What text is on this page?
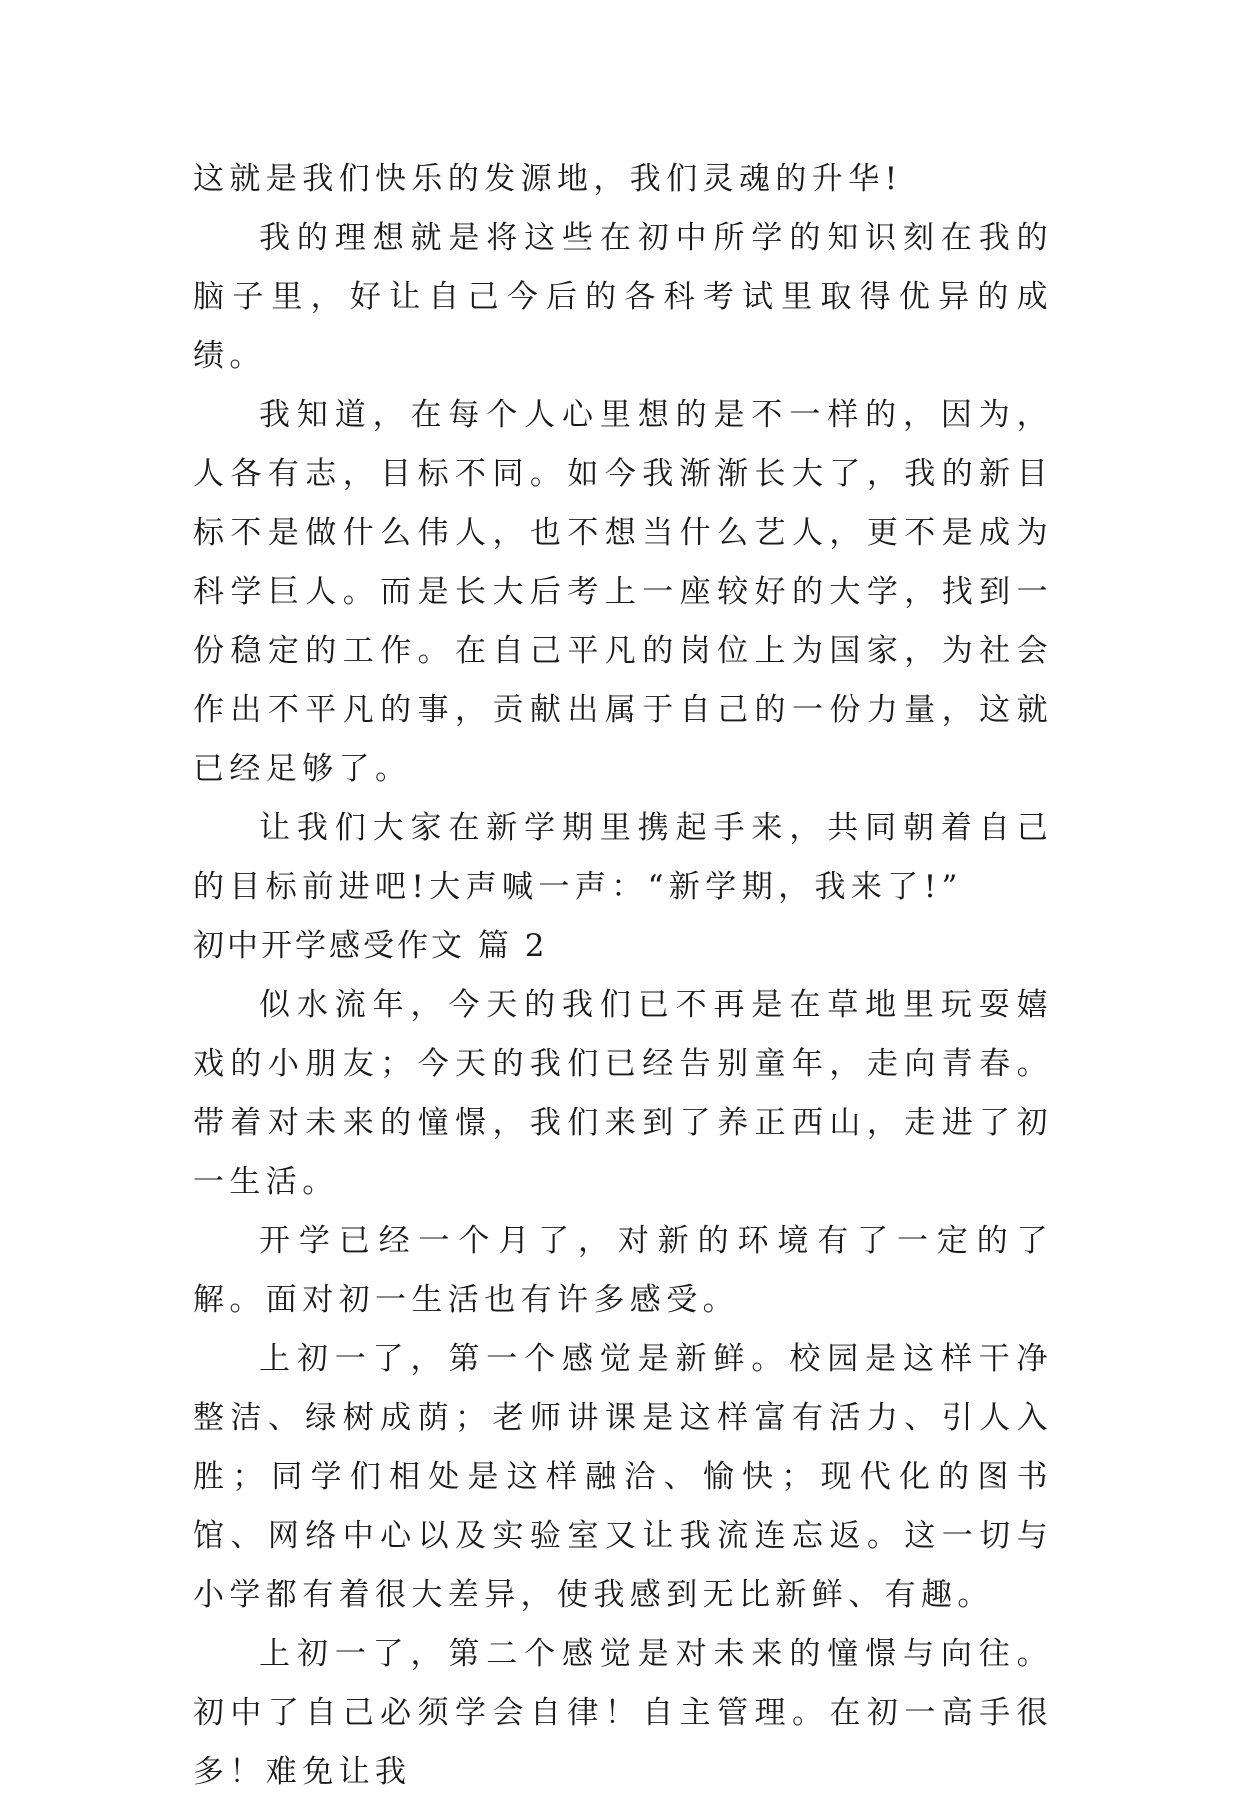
这就是我们快乐的发源地，我们灵魂的升华!

我的理想就是将这些在初中所学的知识刻在我的脑子里，好让自己今后的各科考试里取得优异的成绩。

我知道，在每个人心里想的是不一样的，因为，人各有志，目标不同。如今我渐渐长大了，我的新目标不是做什么伟人，也不想当什么艺人，更不是成为科学巨人。而是长大后考上一座较好的大学，找到一份稳定的工作。在自己平凡的岗位上为国家，为社会作出不平凡的事，贡献出属于自己的一份力量，这就已经足够了。

让我们大家在新学期里携起手来，共同朝着自己的目标前进吧!大声喊一声：“新学期，我来了!”

初中开学感受作文 篇 2

似水流年，今天的我们已不再是在草地里玩耍嬉戏的小朋友；今天的我们已经告别童年，走向青春。带着对未来的憧憬，我们来到了养正西山，走进了初一生活。

开学已经一个月了，对新的环境有了一定的了解。面对初一生活也有许多感受。

上初一了，第一个感觉是新鲜。校园是这样干净整洁、绿树成荫；老师讲课是这样富有活力、引人入胜；同学们相处是这样融洽、愉快；现代化的图书馆、网络中心以及实验室又让我流连忘返。这一切与小学都有着很大差异，使我感到无比新鲜、有趣。

上初一了，第二个感觉是对未来的憧憬与向往。初中了自己必须学会自律！自主管理。在初一高手很多！难免让我
